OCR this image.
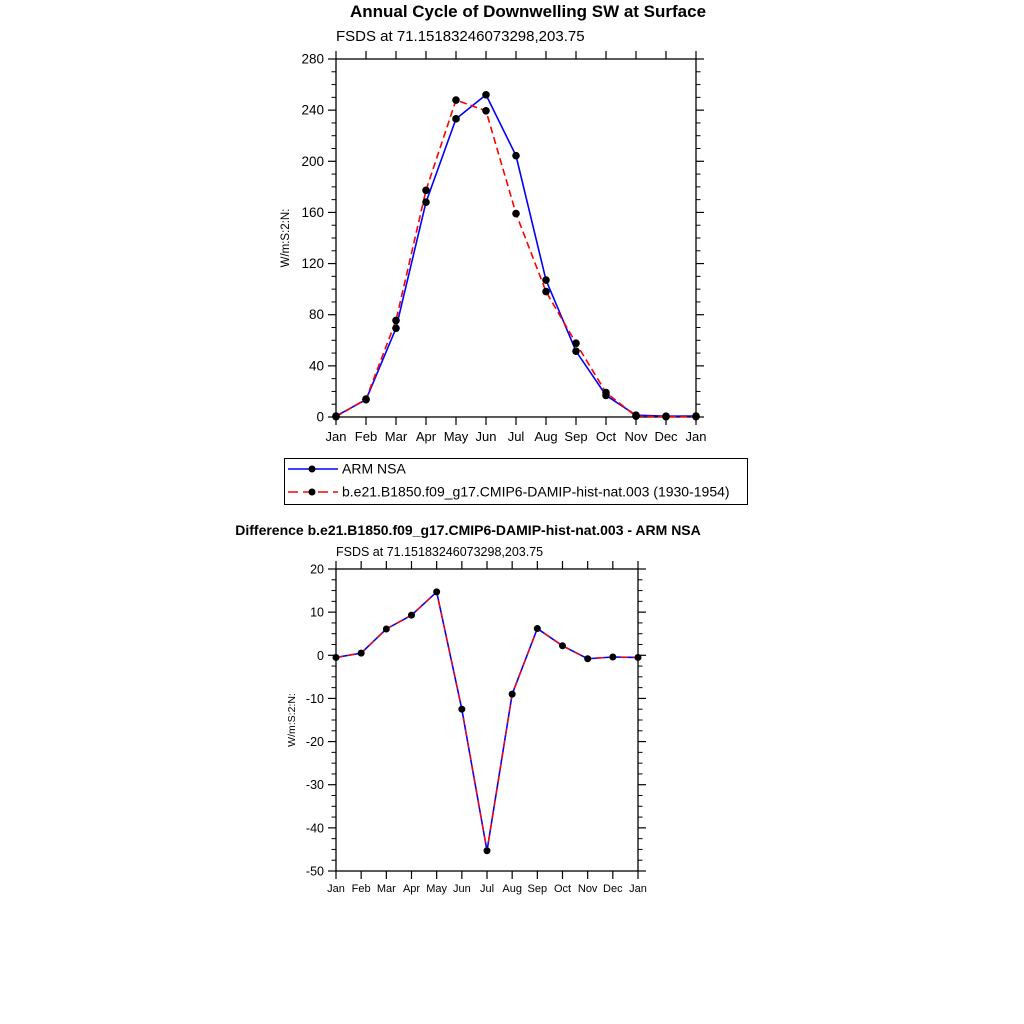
Annual Cycle of Downwelling SW at Surface
FSDS at 71.15183246073298,203.75
Jan Feb Mar Apr May Jun Jul Aug Sep Oct Nov Dec Jan
0
40
80
120
160
200
240
280
W/m:S:2:N:
ARM NSA
b.e21.B1850.f09_g17.CMIP6-DAMIP-hist-nat.003 (1930-1954)
Difference b.e21.B1850.f09_g17.CMIP6-DAMIP-hist-nat.003 - ARM NSA
FSDS at 71.15183246073298,203.75
Jan Feb Mar Apr May Jun Jul Aug Sep Oct Nov Dec Jan
-50
-40
-30
-20
-10
0
10
20
W/m:S:2:N:
